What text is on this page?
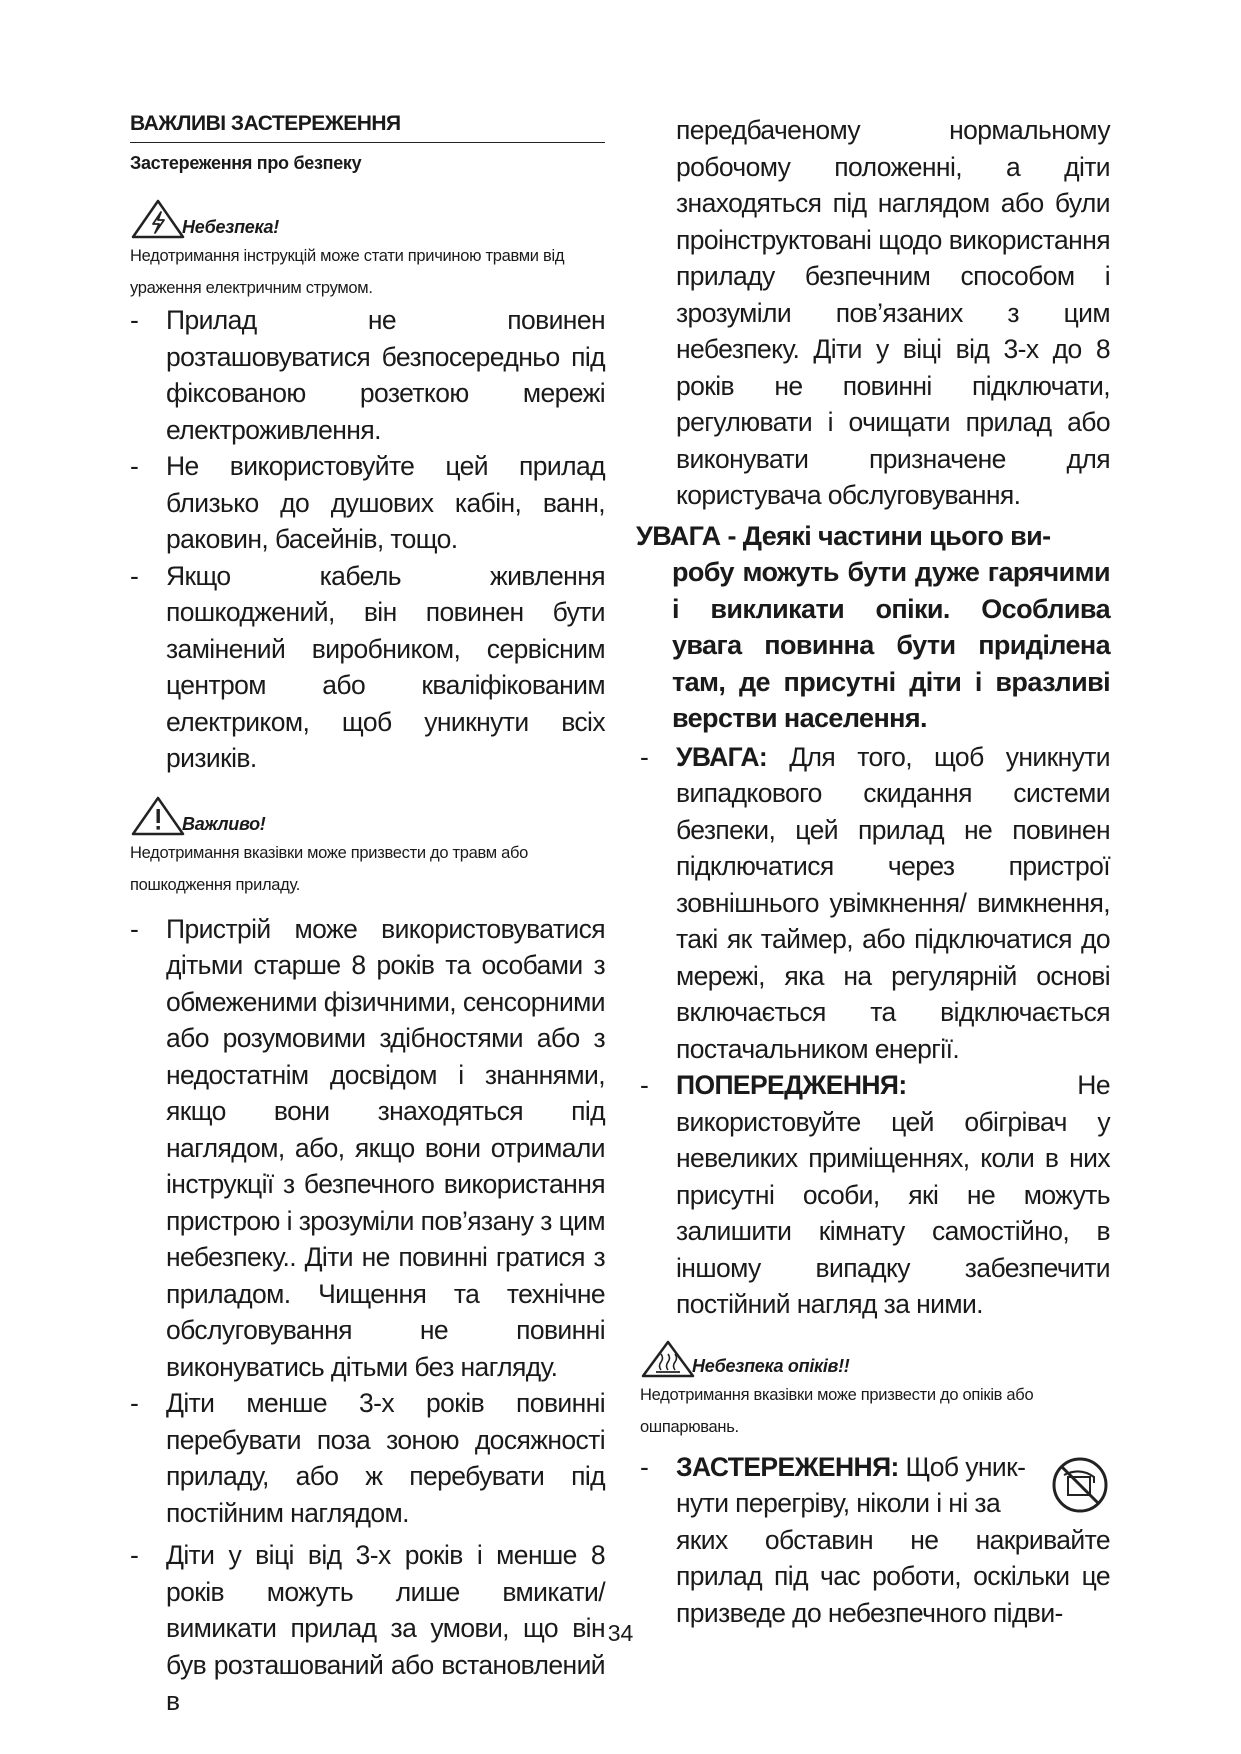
ВАЖЛИВІ ЗАСТЕРЕЖЕННЯ
Застереження про безпеку
Небезпека!
Недотримання інструкцій може стати причиною травми від ураження електричним струмом.
-	Прилад не повинен розташовуватися безпосередньо під фіксованою розеткою мережі електроживлення.
-	Не використовуйте цей прилад близько до душових кабін, ванн, раковин, басейнів, тощо.
-	Якщо кабель живлення пошкоджений, він повинен бути замінений виробником, сервісним центром або кваліфікованим електриком, щоб уникнути всіх ризиків.
Важливо!
Недотримання вказівки може призвести до травм або пошкодження приладу.
-	Пристрій може використовуватися дітьми старше 8 років та особами з обмеженими фізичними, сенсорними або розумовими здібностями або з недостатнім досвідом і знаннями, якщо вони знаходяться під наглядом, або, якщо вони отримали інструкції з безпечного використання пристрою і зрозуміли пов’язану з цим небезпеку.. Діти не повинні гратися з приладом. Чищення та технічне обслуговування не повинні виконуватись дітьми без нагляду.
-	Діти менше 3-х років повинні перебувати поза зоною досяжності приладу, або ж перебувати під постійним наглядом.
-	Діти у віці від 3-х років і менше 8 років можуть лише вмикати/вимикати прилад за умови, що він був розташований або встановлений в
передбаченому нормальному робочому положенні, а діти знаходяться під наглядом або були проінструктовані щодо використання приладу безпечним способом і зрозуміли пов’язаних з цим небезпеку. Діти у віці від 3-х до 8 років не повинні підключати, регулювати і очищати прилад або виконувати призначене для користувача обслуговування.
УВАГА - Деякі частини цього ви-
робу можуть бути дуже гарячими і викликати опіки. Особлива увага повинна бути приділена там, де присутні діти і вразливі верстви населення.
-	УВАГА: Для того, щоб уникнути випадкового скидання системи безпеки, цей прилад не повинен підключатися через пристрої зовнішнього увімкнення/ вимкнення, такі як таймер, або підключатися до мережі, яка на регулярній основі включається та відключається постачальником енергії.
-	ПОПЕРЕДЖЕННЯ: Не використовуйте цей обігрівач у невеликих приміщеннях, коли в них присутні особи, які не можуть залишити кімнату самостійно, в іншому випадку забезпечити постійний нагляд за ними.
Небезпека опіків!!
Недотримання вказівки може призвести до опіків або ошпарювань.
-	ЗАСТЕРЕЖЕННЯ: Щоб уник-
нути перегріву, ніколи і ні за
яких обставин не накривайте прилад під час роботи, оскільки це призведе до небезпечного підви-
34
